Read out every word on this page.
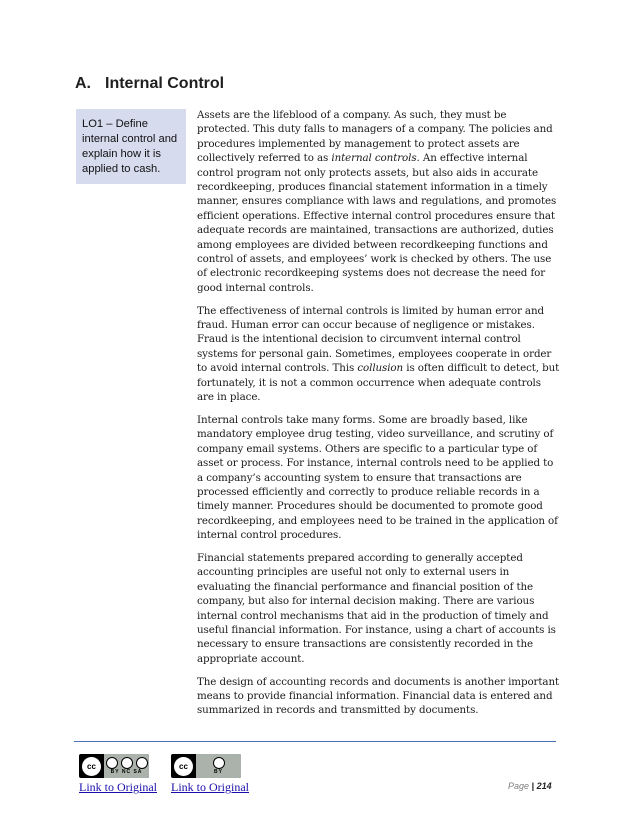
A. Internal Control
LO1 – Define internal control and explain how it is applied to cash.

Assets are the lifeblood of a company. As such, they must be protected. This duty falls to managers of a company. The policies and procedures implemented by management to protect assets are collectively referred to as internal controls. An effective internal control program not only protects assets, but also aids in accurate recordkeeping, produces financial statement information in a timely manner, ensures compliance with laws and regulations, and promotes efficient operations. Effective internal control procedures ensure that adequate records are maintained, transactions are authorized, duties among employees are divided between recordkeeping functions and control of assets, and employees’ work is checked by others. The use of electronic recordkeeping systems does not decrease the need for good internal controls.

The effectiveness of internal controls is limited by human error and fraud. Human error can occur because of negligence or mistakes. Fraud is the intentional decision to circumvent internal control systems for personal gain. Sometimes, employees cooperate in order to avoid internal controls. This collusion is often difficult to detect, but fortunately, it is not a common occurrence when adequate controls are in place.

Internal controls take many forms. Some are broadly based, like mandatory employee drug testing, video surveillance, and scrutiny of company email systems. Others are specific to a particular type of asset or process. For instance, internal controls need to be applied to a company’s accounting system to ensure that transactions are processed efficiently and correctly to produce reliable records in a timely manner. Procedures should be documented to promote good recordkeeping, and employees need to be trained in the application of internal control procedures.

Financial statements prepared according to generally accepted accounting principles are useful not only to external users in evaluating the financial performance and financial position of the company, but also for internal decision making. There are various internal control mechanisms that aid in the production of timely and useful financial information. For instance, using a chart of accounts is necessary to ensure transactions are consistently recorded in the appropriate account.

The design of accounting records and documents is another important means to provide financial information. Financial data is entered and summarized in records and transmitted by documents.

cc
BY NC SA
cc
BY
Link to Original Link to Original	Page | 214
